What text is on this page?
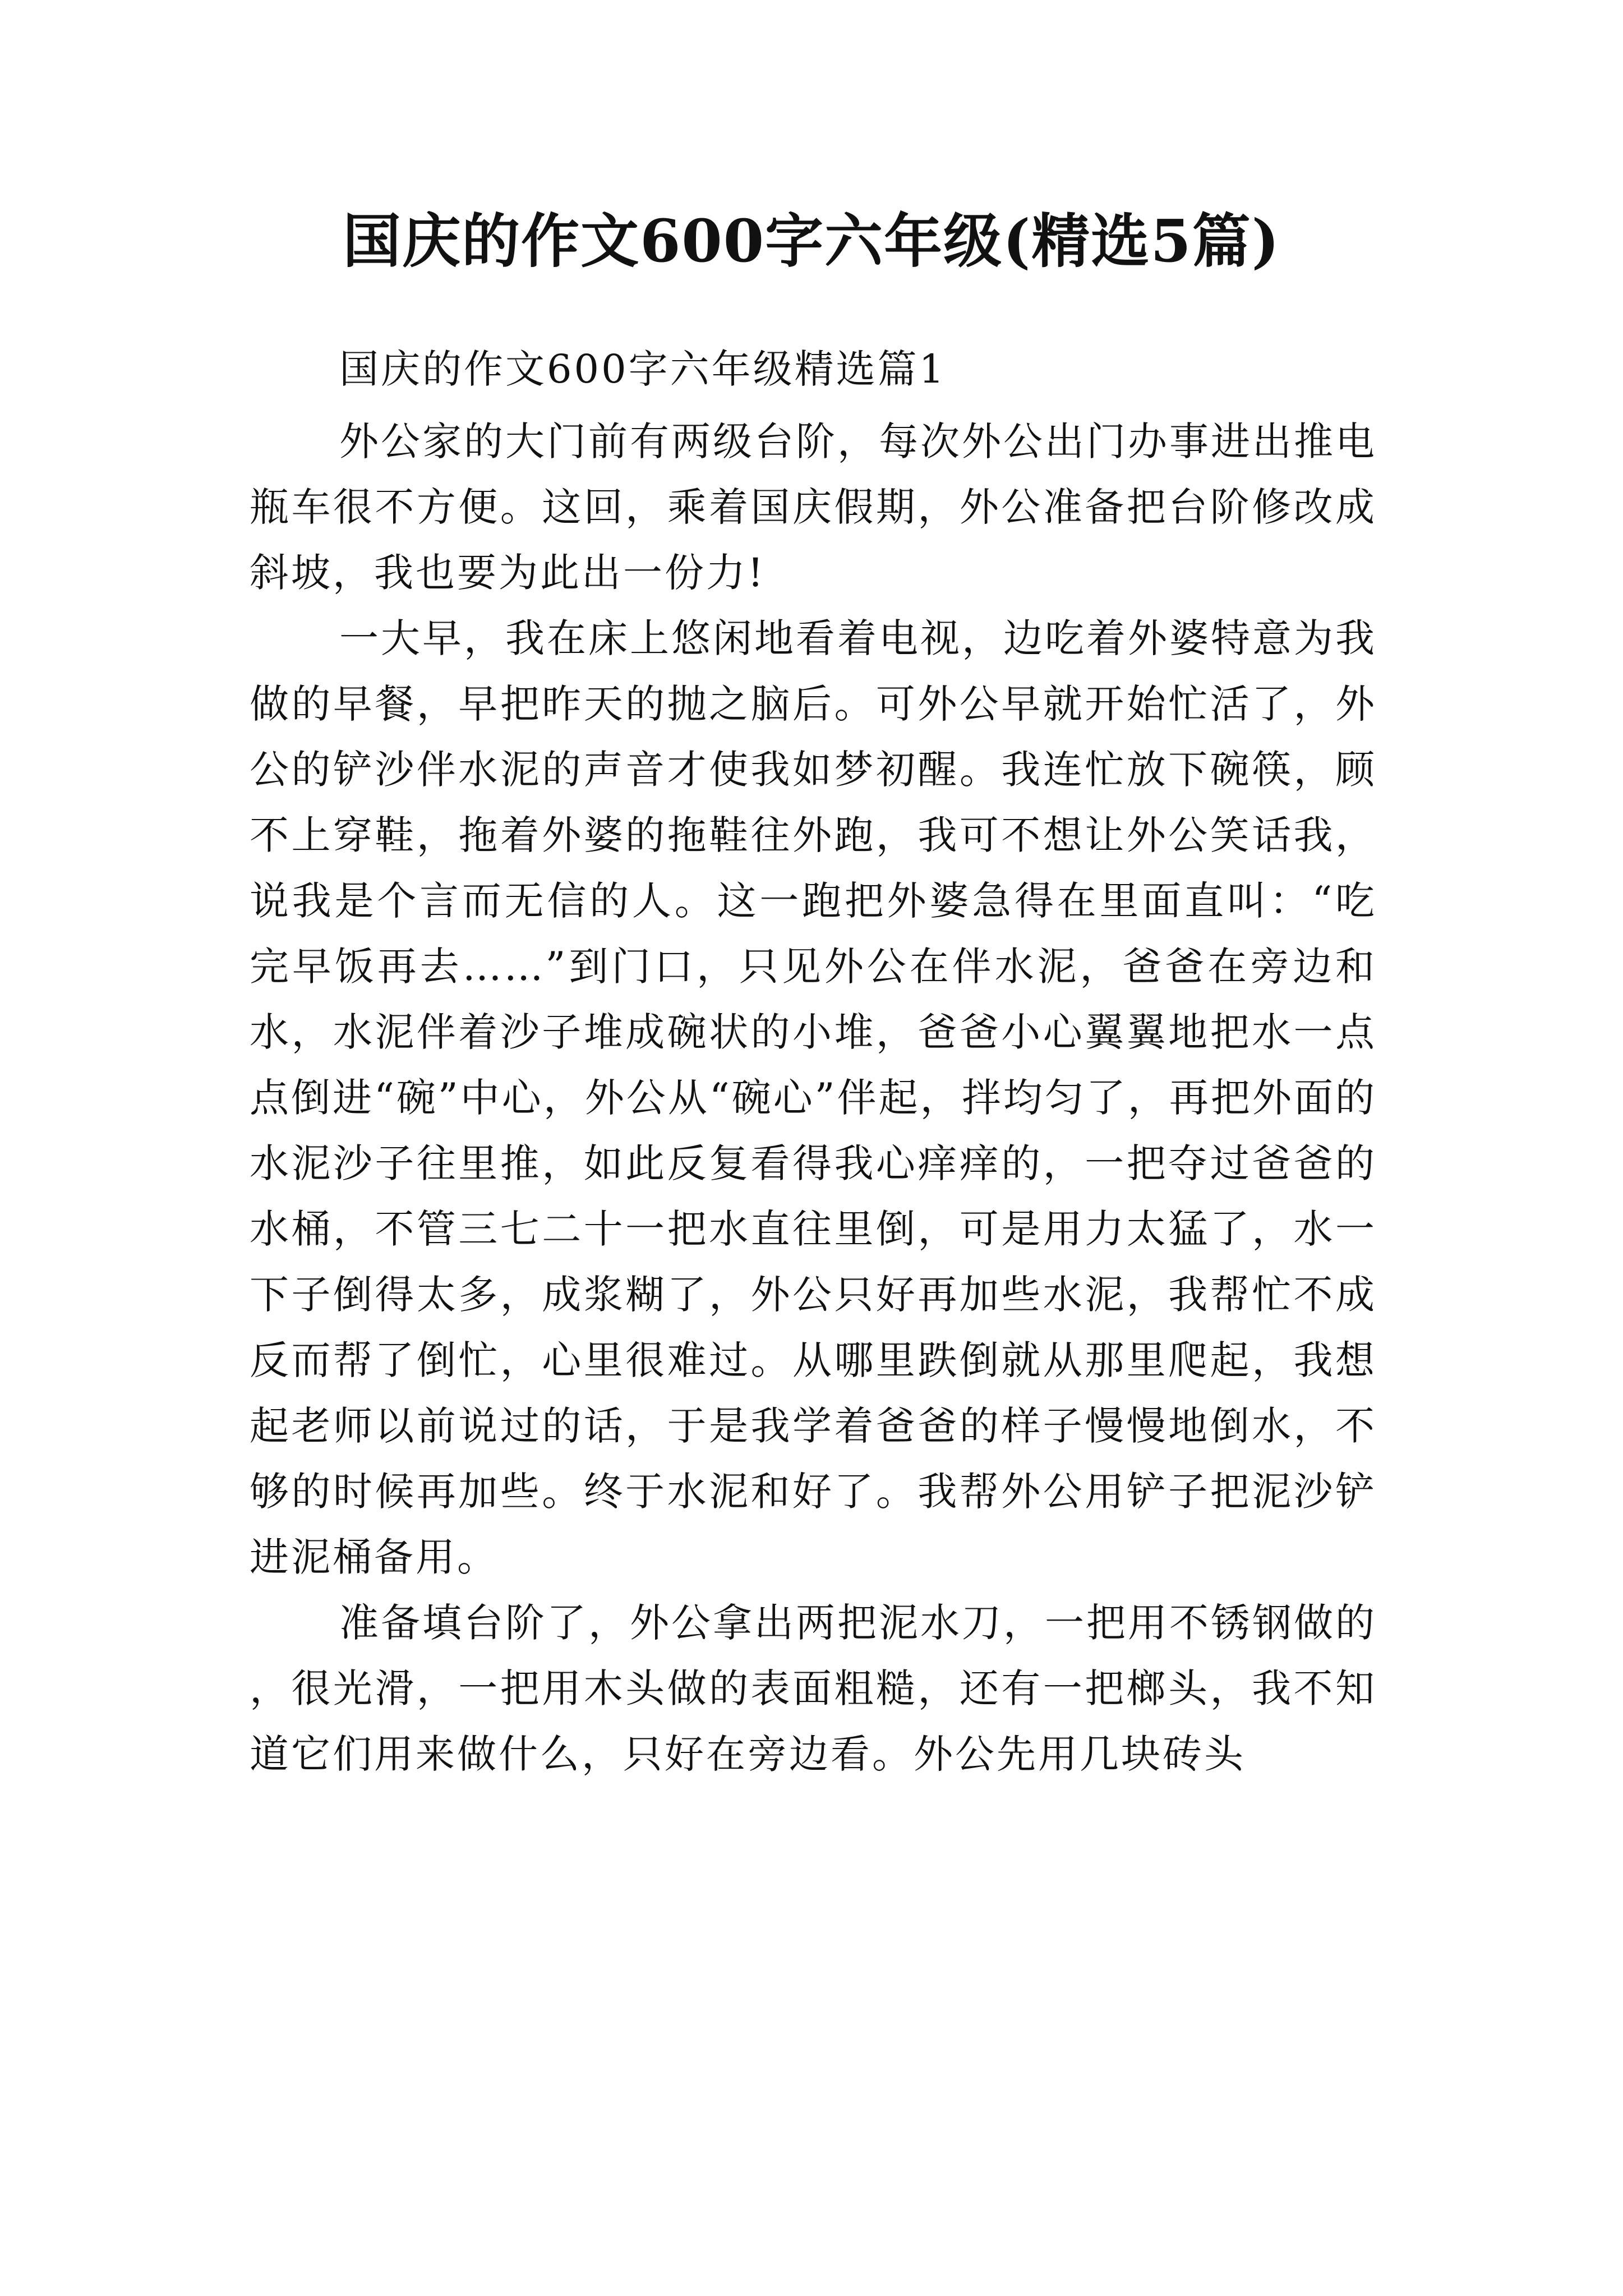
国庆的作文600字六年级(精选5篇)

国庆的作文600字六年级精选篇1

外公家的大门前有两级台阶，每次外公出门办事进出推电瓶车很不方便。这回，乘着国庆假期，外公准备把台阶修改成斜坡，我也要为此出一份力!

一大早，我在床上悠闲地看着电视，边吃着外婆特意为我做的早餐，早把昨天的抛之脑后。可外公早就开始忙活了，外公的铲沙伴水泥的声音才使我如梦初醒。我连忙放下碗筷，顾不上穿鞋，拖着外婆的拖鞋往外跑，我可不想让外公笑话我，说我是个言而无信的人。这一跑把外婆急得在里面直叫：“吃完早饭再去……”到门口，只见外公在伴水泥，爸爸在旁边和水，水泥伴着沙子堆成碗状的小堆，爸爸小心翼翼地把水一点点倒进“碗”中心，外公从“碗心”伴起，拌均匀了，再把外面的水泥沙子往里推，如此反复看得我心痒痒的，一把夺过爸爸的水桶，不管三七二十一把水直往里倒，可是用力太猛了，水一下子倒得太多，成浆糊了，外公只好再加些水泥，我帮忙不成反而帮了倒忙，心里很难过。从哪里跌倒就从那里爬起，我想起老师以前说过的话，于是我学着爸爸的样子慢慢地倒水，不够的时候再加些。终于水泥和好了。我帮外公用铲子把泥沙铲进泥桶备用。

准备填台阶了，外公拿出两把泥水刀，一把用不锈钢做的，很光滑，一把用木头做的表面粗糙，还有一把榔头，我不知道它们用来做什么，只好在旁边看。外公先用几块砖头
